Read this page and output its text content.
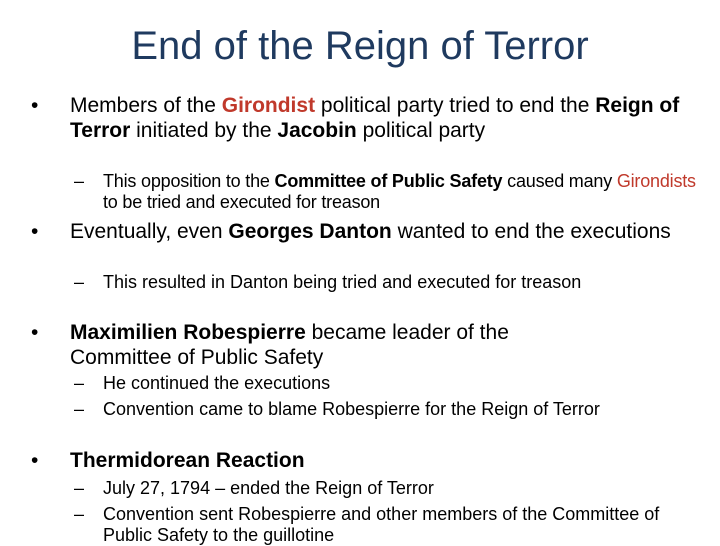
End of the Reign of Terror
• Members of the Girondist political party tried to end the Reign of Terror initiated by the Jacobin political party
– This opposition to the Committee of Public Safety caused many Girondists to be tried and executed for treason
• Eventually, even Georges Danton wanted to end the executions
– This resulted in Danton being tried and executed for treason
• Maximilien Robespierre became leader of the Committee of Public Safety
– He continued the executions
– Convention came to blame Robespierre for the Reign of Terror
• Thermidorean Reaction
– July 27, 1794 – ended the Reign of Terror
– Convention sent Robespierre and other members of the Committee of Public Safety to the guillotine
